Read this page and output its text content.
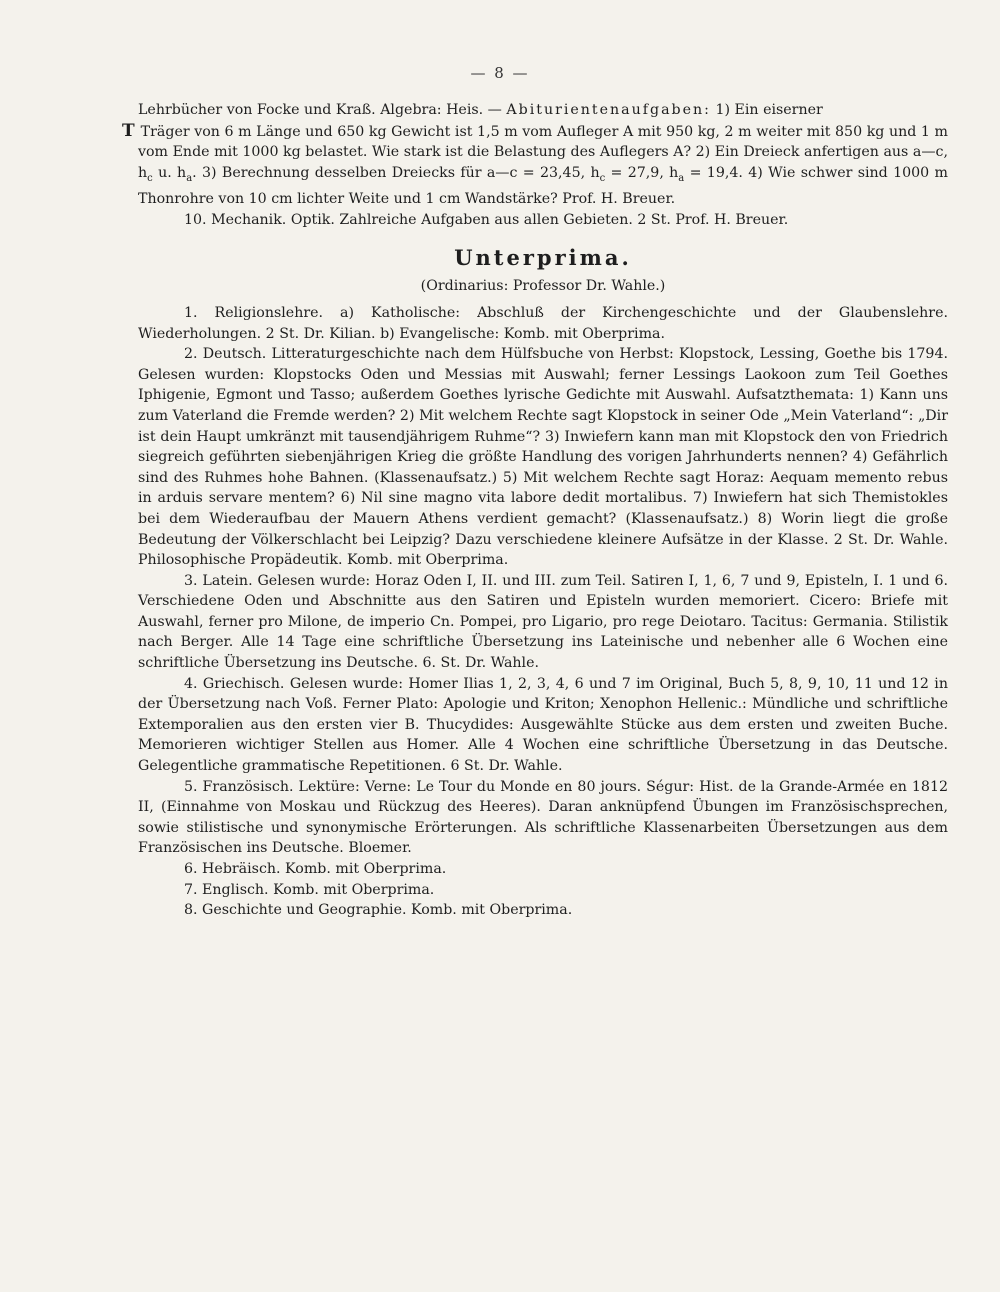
— 8 —

Lehrbücher von Focke und Kraß. Algebra: Heis. — Abiturientenaufgaben: 1) Ein eiserner
T Träger von 6 m Länge und 650 kg Gewicht ist 1,5 m vom Aufleger A mit 950 kg, 2 m weiter mit 850 kg und 1 m vom Ende mit 1000 kg belastet. Wie stark ist die Belastung des Auflegers A? 2) Ein Dreieck anfertigen aus a—c, $h_c$ u. $h_a$. 3) Berechnung desselben Dreiecks für a—c = 23,45, $h_c = 27,9$, $h_a = 19,4$. 4) Wie schwer sind 1000 m Thonrohre von 10 cm lichter Weite und 1 cm Wandstärke? Prof. H. Breuer.

10. Mechanik. Optik. Zahlreiche Aufgaben aus allen Gebieten. 2 St. Prof. H. Breuer.

Unterprima.
(Ordinarius: Professor Dr. Wahle.)

1. Religionslehre. a) Katholische: Abschluß der Kirchengeschichte und der Glaubenslehre. Wiederholungen. 2 St. Dr. Kilian. b) Evangelische: Komb. mit Oberprima.

2. Deutsch. Litteraturgeschichte nach dem Hülfsbuche von Herbst: Klopstock, Lessing, Goethe bis 1794. Gelesen wurden: Klopstocks Oden und Messias mit Auswahl; ferner Lessings Laokoon zum Teil Goethes Iphigenie, Egmont und Tasso; außerdem Goethes lyrische Gedichte mit Auswahl. Aufsatzthemata: 1) Kann uns zum Vaterland die Fremde werden? 2) Mit welchem Rechte sagt Klopstock in seiner Ode „Mein Vaterland“: „Dir ist dein Haupt umkränzt mit tausendjährigem Ruhme“? 3) Inwiefern kann man mit Klopstock den von Friedrich siegreich geführten siebenjährigen Krieg die größte Handlung des vorigen Jahrhunderts nennen? 4) Gefährlich sind des Ruhmes hohe Bahnen. (Klassenaufsatz.) 5) Mit welchem Rechte sagt Horaz: Aequam memento rebus in arduis servare mentem? 6) Nil sine magno vita labore dedit mortalibus. 7) Inwiefern hat sich Themistokles bei dem Wiederaufbau der Mauern Athens verdient gemacht? (Klassenaufsatz.) 8) Worin liegt die große Bedeutung der Völkerschlacht bei Leipzig? Dazu verschiedene kleinere Aufsätze in der Klasse. 2 St. Dr. Wahle. Philosophische Propädeutik. Komb. mit Oberprima.

3. Latein. Gelesen wurde: Horaz Oden I, II. und III. zum Teil. Satiren I, 1, 6, 7 und 9, Episteln, I. 1 und 6. Verschiedene Oden und Abschnitte aus den Satiren und Episteln wurden memoriert. Cicero: Briefe mit Auswahl, ferner pro Milone, de imperio Cn. Pompei, pro Ligario, pro rege Deiotaro. Tacitus: Germania. Stilistik nach Berger. Alle 14 Tage eine schriftliche Übersetzung ins Lateinische und nebenher alle 6 Wochen eine schriftliche Übersetzung ins Deutsche. 6. St. Dr. Wahle.

4. Griechisch. Gelesen wurde: Homer Ilias 1, 2, 3, 4, 6 und 7 im Original, Buch 5, 8, 9, 10, 11 und 12 in der Übersetzung nach Voß. Ferner Plato: Apologie und Kriton; Xenophon Hellenic.: Mündliche und schriftliche Extemporalien aus den ersten vier B. Thucydides: Ausgewählte Stücke aus dem ersten und zweiten Buche. Memorieren wichtiger Stellen aus Homer. Alle 4 Wochen eine schriftliche Übersetzung in das Deutsche. Gelegentliche grammatische Repetitionen. 6 St. Dr. Wahle.

5. Französisch. Lektüre: Verne: Le Tour du Monde en 80 jours. Ségur: Hist. de la Grande-Armée en 1812 II, (Einnahme von Moskau und Rückzug des Heeres). Daran anknüpfend Übungen im Französischsprechen, sowie stilistische und synonymische Erörterungen. Als schriftliche Klassenarbeiten Übersetzungen aus dem Französischen ins Deutsche. Bloemer.

6. Hebräisch. Komb. mit Oberprima.

7. Englisch. Komb. mit Oberprima.

8. Geschichte und Geographie. Komb. mit Oberprima.
